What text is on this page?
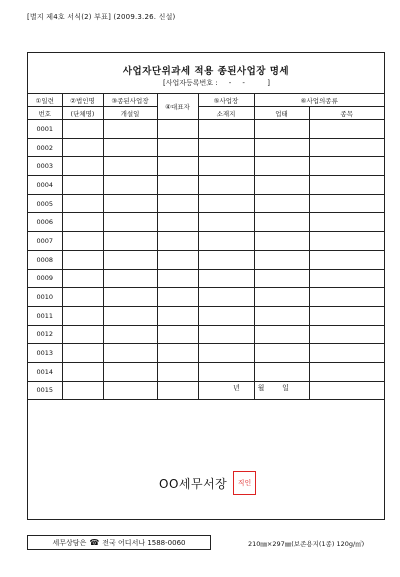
[별지 제4호 서식(2) 부표] (2009.3.26. 신설)
사업자단위과세 적용 종된사업장 명세
[사업자등록번호 :     -     -          ]
①일련	②법인명	③종된사업장	④대표자	⑤사업장	⑥사업의종류	
번호	(단체명)	개설일		소재지	업태	종목
0001						
0002						
0003						
0004						
0005						
0006						
0007						
0008						
0009						
0010						
0011						
0012						
0013						
0014						
0015							년        월        일
OO세무서장	직인
세무상담은 ☎ 전국 어디서나 1588-0060	210㎜×297㎜(보존용지(1종) 120g/㎡)
